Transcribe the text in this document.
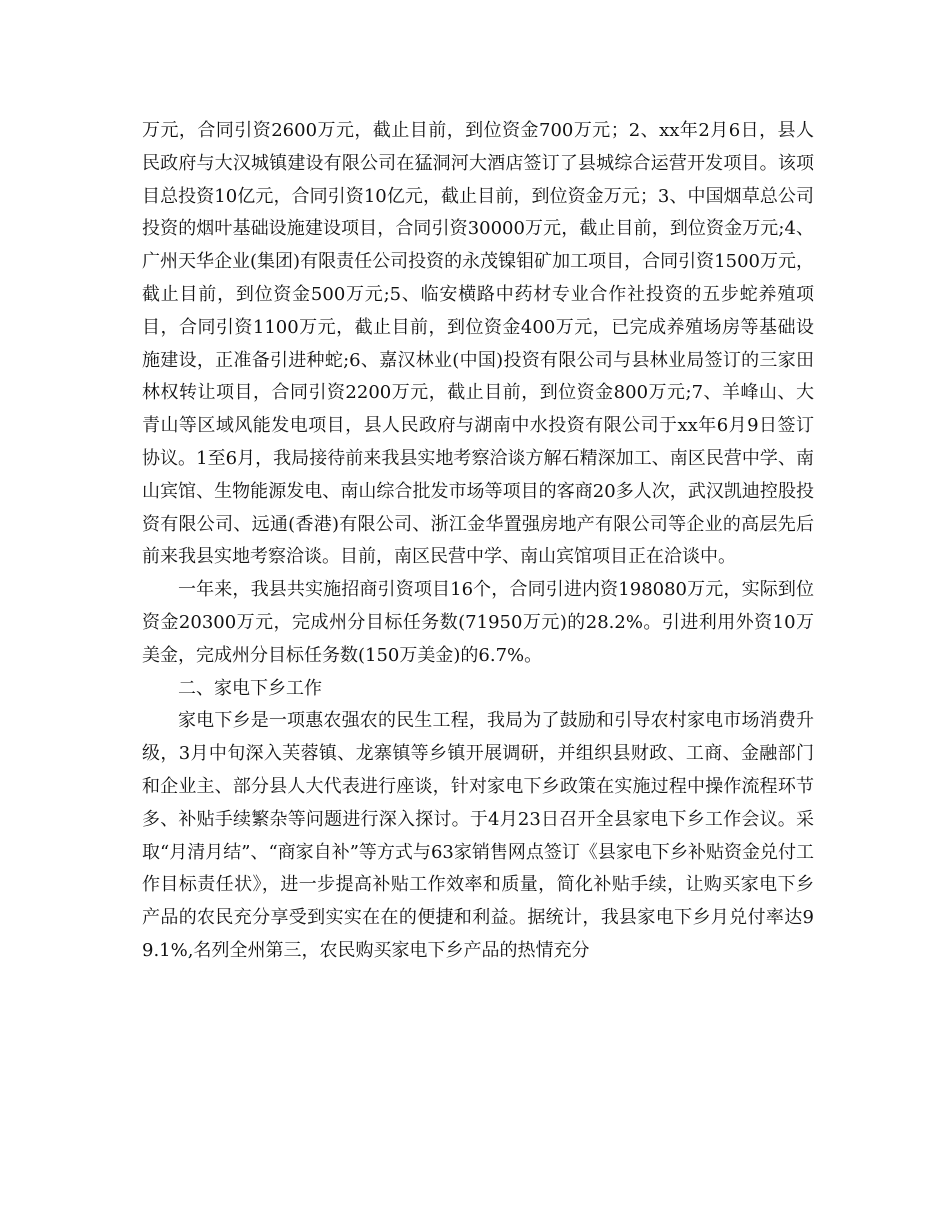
万元，合同引资2600万元，截止目前，到位资金700万元；2、xx年2月6日，县人民政府与大汉城镇建设有限公司在猛洞河大酒店签订了县城综合运营开发项目。该项目总投资10亿元，合同引资10亿元，截止目前，到位资金万元；3、中国烟草总公司投资的烟叶基础设施建设项目，合同引资30000万元，截止目前，到位资金万元;4、广州天华企业(集团)有限责任公司投资的永茂镍钼矿加工项目，合同引资1500万元，截止目前，到位资金500万元;5、临安横路中药材专业合作社投资的五步蛇养殖项目，合同引资1100万元，截止目前，到位资金400万元，已完成养殖场房等基础设施建设，正准备引进种蛇;6、嘉汉林业(中国)投资有限公司与县林业局签订的三家田林权转让项目，合同引资2200万元，截止目前，到位资金800万元;7、羊峰山、大青山等区域风能发电项目，县人民政府与湖南中水投资有限公司于xx年6月9日签订协议。1至6月，我局接待前来我县实地考察洽谈方解石精深加工、南区民营中学、南山宾馆、生物能源发电、南山综合批发市场等项目的客商20多人次，武汉凯迪控股投资有限公司、远通(香港)有限公司、浙江金华置强房地产有限公司等企业的高层先后前来我县实地考察洽谈。目前，南区民营中学、南山宾馆项目正在洽谈中。

一年来，我县共实施招商引资项目16个，合同引进内资198080万元，实际到位资金20300万元，完成州分目标任务数(71950万元)的28.2%。引进利用外资10万美金，完成州分目标任务数(150万美金)的6.7%。

二、家电下乡工作

家电下乡是一项惠农强农的民生工程，我局为了鼓励和引导农村家电市场消费升级，3月中旬深入芙蓉镇、龙寨镇等乡镇开展调研，并组织县财政、工商、金融部门和企业主、部分县人大代表进行座谈，针对家电下乡政策在实施过程中操作流程环节多、补贴手续繁杂等问题进行深入探讨。于4月23日召开全县家电下乡工作会议。采取“月清月结”、“商家自补”等方式与63家销售网点签订《县家电下乡补贴资金兑付工作目标责任状》，进一步提高补贴工作效率和质量，简化补贴手续，让购买家电下乡产品的农民充分享受到实实在在的便捷和利益。据统计，我县家电下乡月兑付率达99.1%,名列全州第三，农民购买家电下乡产品的热情充分
